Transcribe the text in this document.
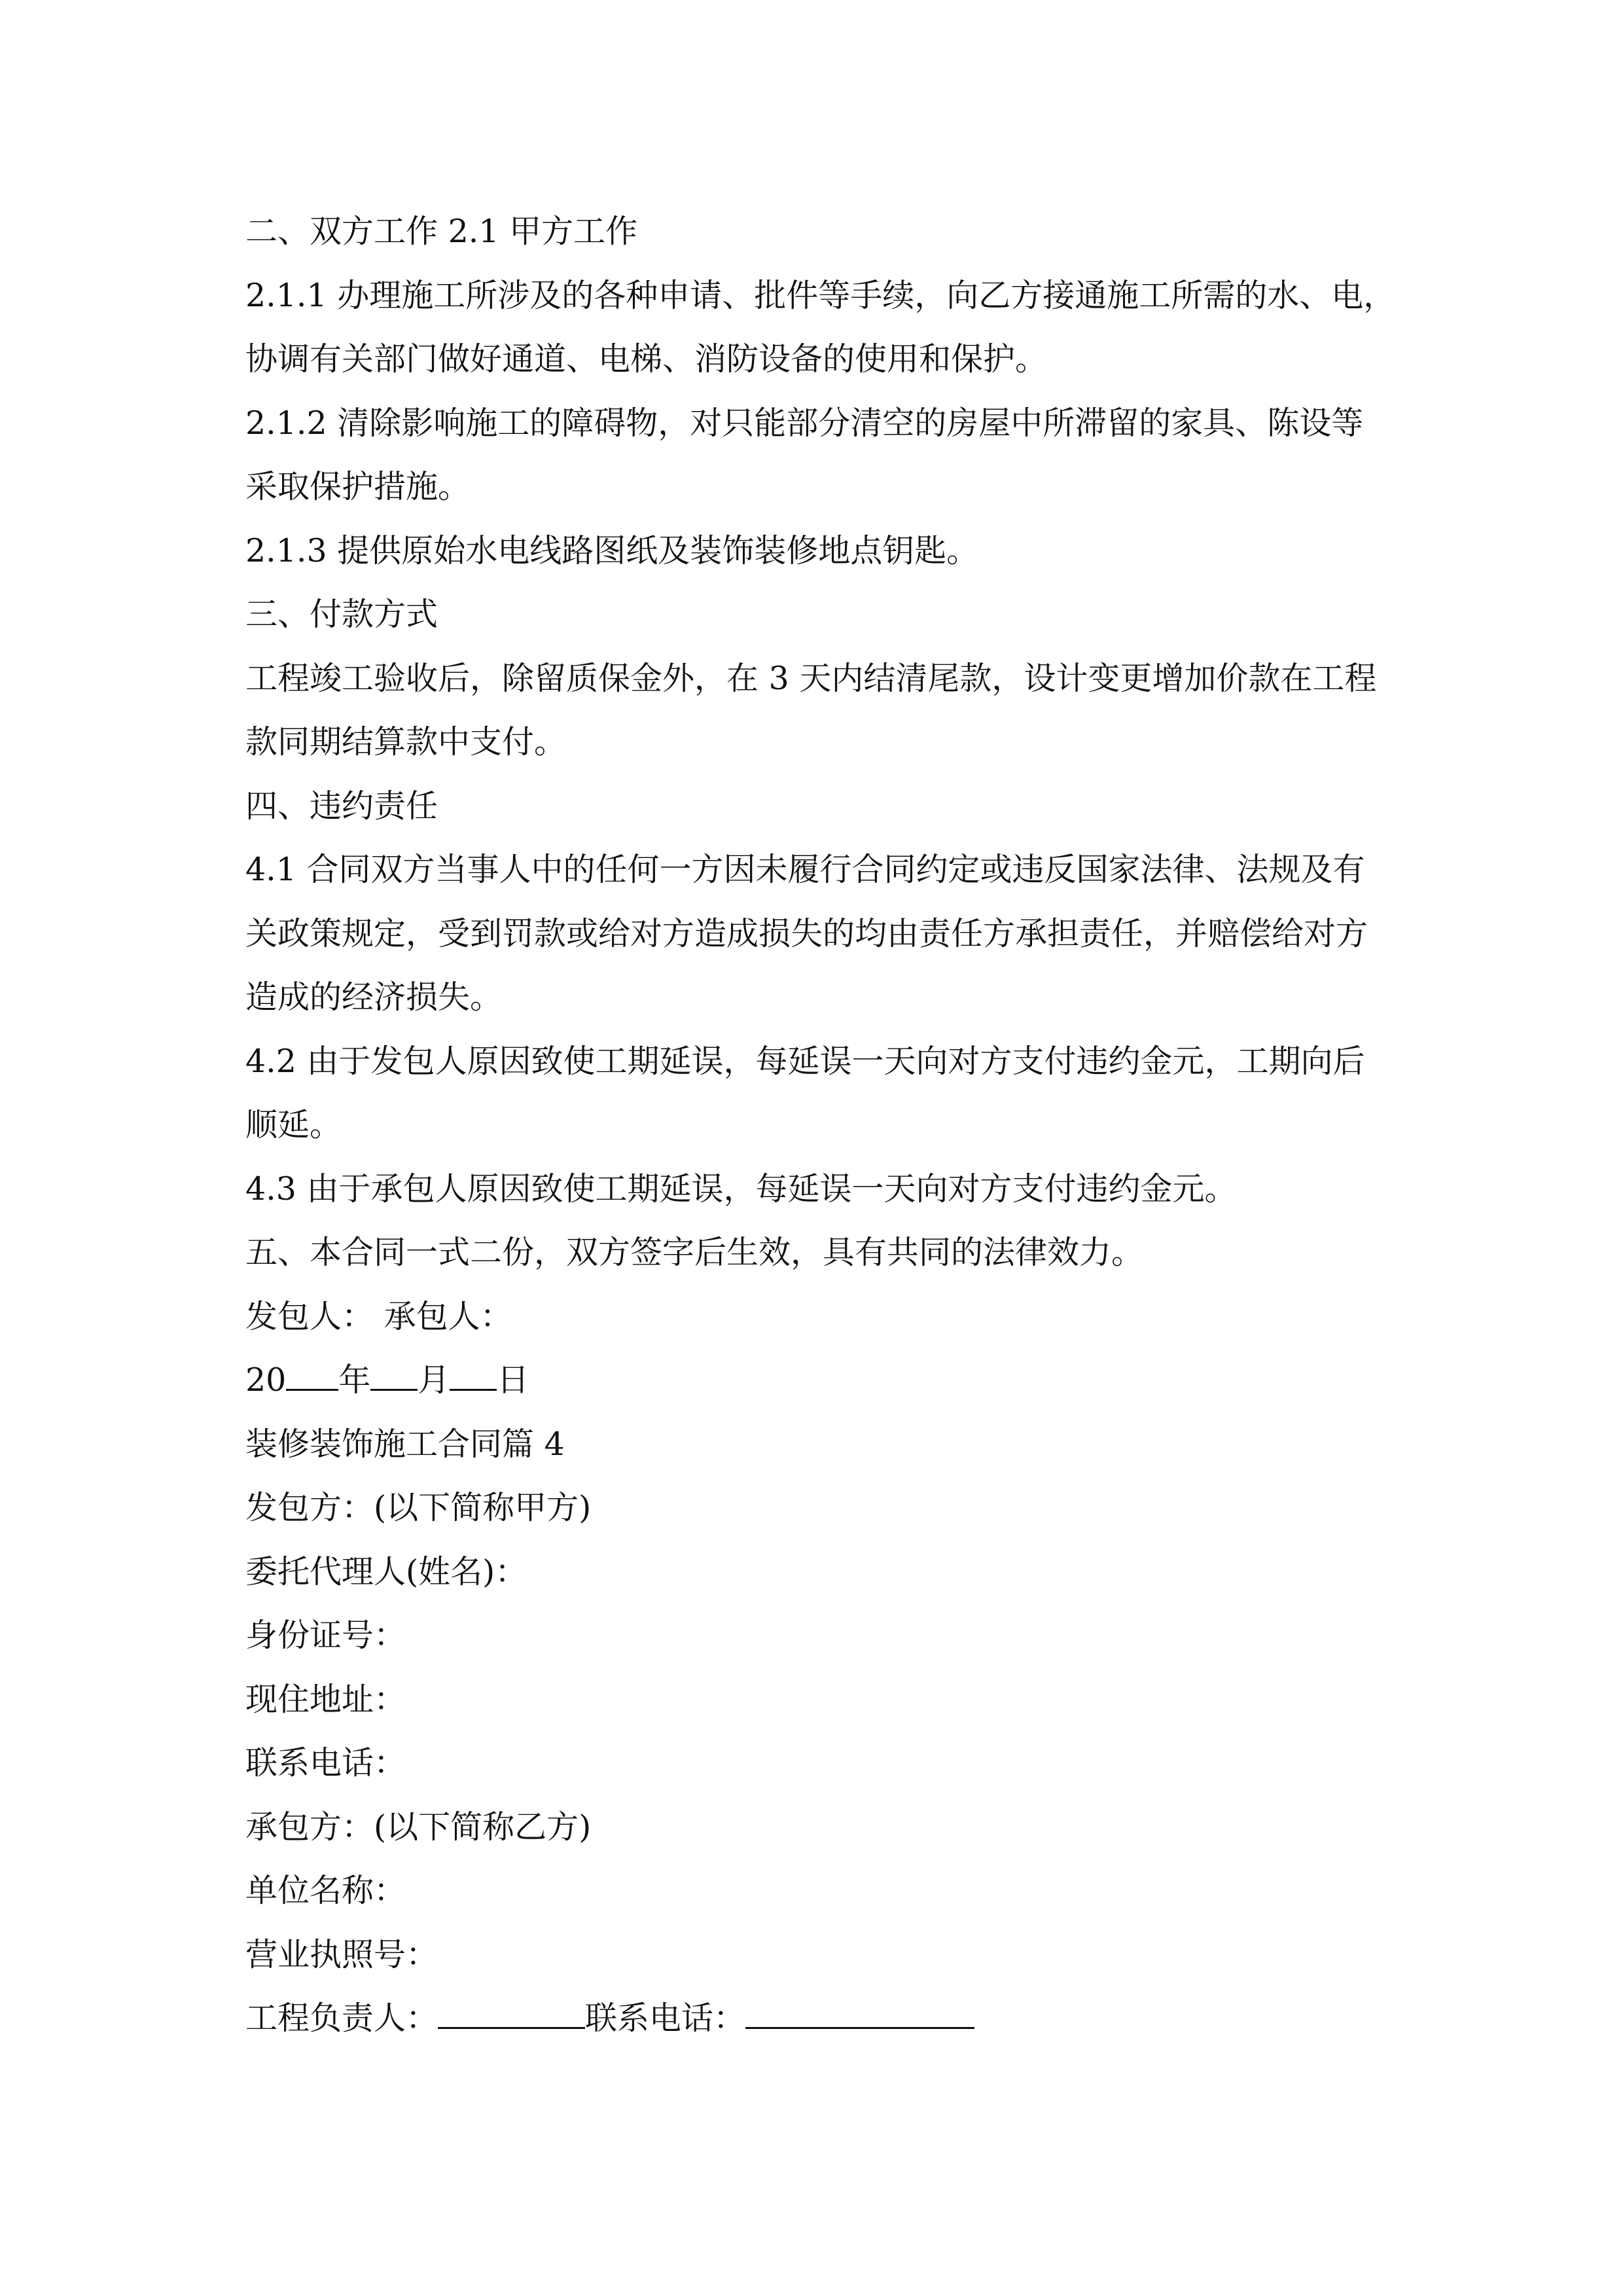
二、双方工作 2.1 甲方工作
2.1.1 办理施工所涉及的各种申请、批件等手续，向乙方接通施工所需的水、电，
协调有关部门做好通道、电梯、消防设备的使用和保护。
2.1.2 清除影响施工的障碍物，对只能部分清空的房屋中所滞留的家具、陈设等
采取保护措施。
2.1.3 提供原始水电线路图纸及装饰装修地点钥匙。
三、付款方式
工程竣工验收后，除留质保金外，在 3 天内结清尾款，设计变更增加价款在工程
款同期结算款中支付。
四、违约责任
4.1 合同双方当事人中的任何一方因未履行合同约定或违反国家法律、法规及有
关政策规定，受到罚款或给对方造成损失的均由责任方承担责任，并赔偿给对方
造成的经济损失。
4.2 由于发包人原因致使工期延误，每延误一天向对方支付违约金元，工期向后
顺延。
4.3 由于承包人原因致使工期延误，每延误一天向对方支付违约金元。
五、本合同一式二份，双方签字后生效，具有共同的法律效力。
发包人： 承包人：
20 年 月 日
装修装饰施工合同篇 4
发包方：(以下简称甲方)
委托代理人(姓名)：
身份证号：
现住地址：
联系电话：
承包方：(以下简称乙方)
单位名称：
营业执照号：
工程负责人：	联系电话：
